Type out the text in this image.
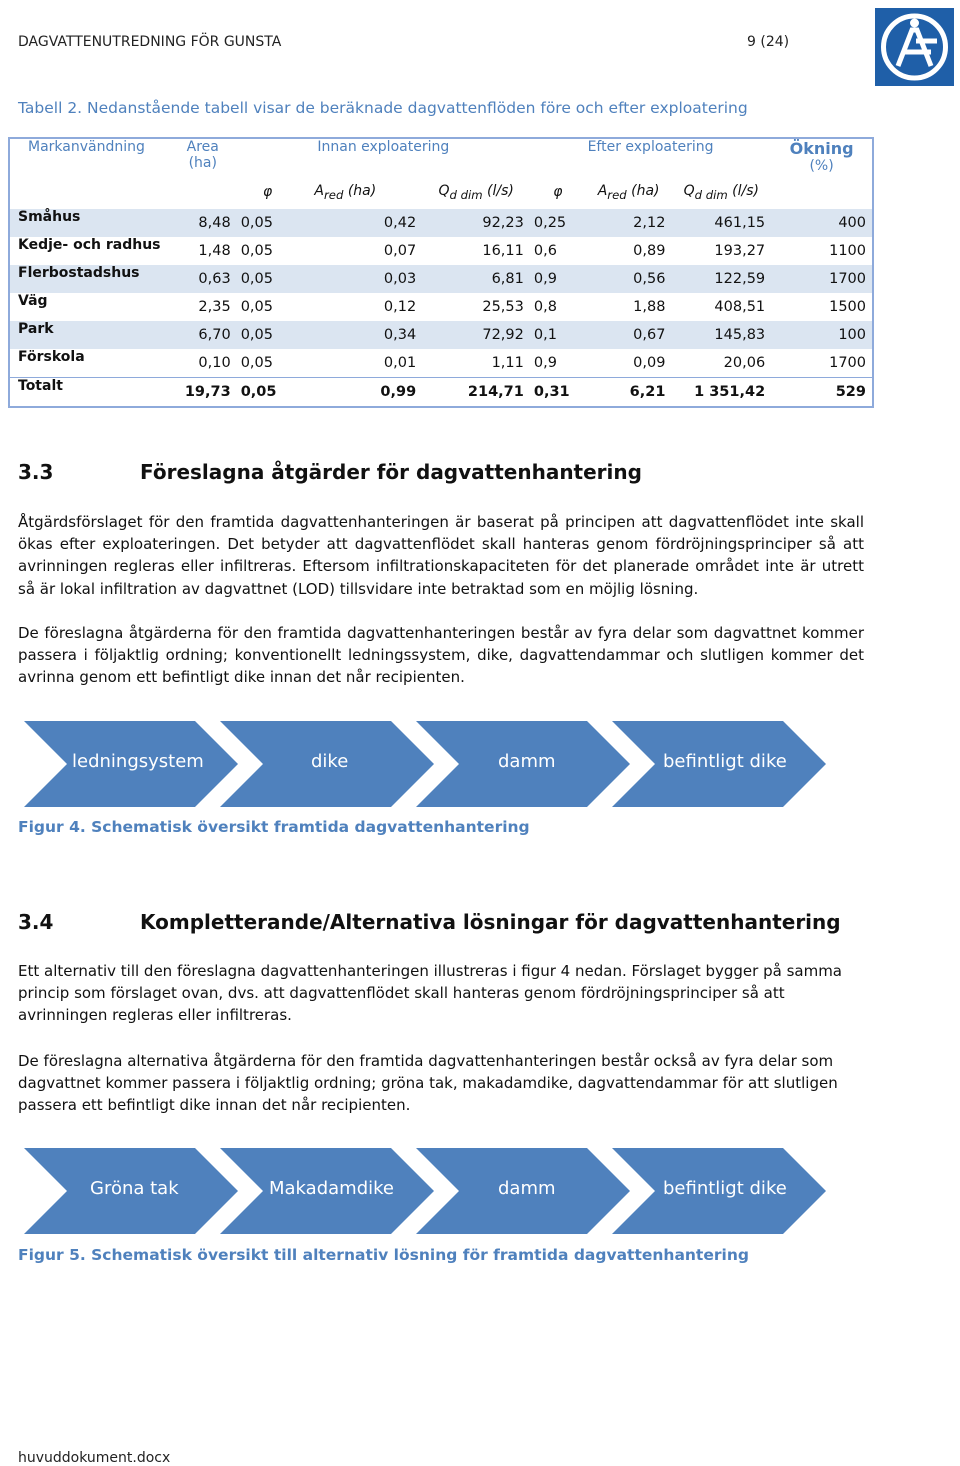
DAGVATTENUTREDNING FÖR GUNSTA	9 (24)
Tabell 2. Nedanstående tabell visar de beräknade dagvattenflöden före och efter exploatering
Markanvändning	Area
(ha)	Innan exploatering			Efter exploatering			Ökning
(%)

		φ	$A_{red}$ (ha)	$Q_{d dim}$ (l/s)	φ	$A_{red}$ (ha)	$Q_{d dim}$ (l/s)	
Småhus	8,48	0,05	0,42	92,23	0,25	2,12	461,15	400
Kedje- och radhus	1,48	0,05	0,07	16,11	0,6	0,89	193,27	1100
Flerbostadshus	0,63	0,05	0,03	6,81	0,9	0,56	122,59	1700
Väg	2,35	0,05	0,12	25,53	0,8	1,88	408,51	1500
Park	6,70	0,05	0,34	72,92	0,1	0,67	145,83	100
Förskola	0,10	0,05	0,01	1,11	0,9	0,09	20,06	1700
Totalt	19,73	0,05	0,99	214,71	0,31	6,21	1 351,42	529
3.3	Föreslagna åtgärder för dagvattenhantering
Åtgärdsförslaget för den framtida dagvattenhanteringen är baserat på principen att dagvattenflödet inte skall ökas efter exploateringen. Det betyder att dagvattenflödet skall hanteras genom fördröjningsprinciper så att avrinningen regleras eller infiltreras. Eftersom infiltrationskapaciteten för det planerade området inte är utrett så är lokal infiltration av dagvattnet (LOD) tillsvidare inte betraktad som en möjlig lösning.
De föreslagna åtgärderna för den framtida dagvattenhanteringen består av fyra delar som dagvattnet kommer passera i följaktlig ordning; konventionellt ledningssystem, dike, dagvattendammar och slutligen kommer det avrinna genom ett befintligt dike innan det når recipienten.
ledningsystem	dike	damm	befintligt dike
Figur 4. Schematisk översikt framtida dagvattenhantering
3.4	Kompletterande/Alternativa lösningar för dagvattenhantering
Ett alternativ till den föreslagna dagvattenhanteringen illustreras i figur 4 nedan. Förslaget bygger på samma princip som förslaget ovan, dvs. att dagvattenflödet skall hanteras genom fördröjningsprinciper så att avrinningen regleras eller infiltreras.
De föreslagna alternativa åtgärderna för den framtida dagvattenhanteringen består också av fyra delar som dagvattnet kommer passera i följaktlig ordning; gröna tak, makadamdike, dagvattendammar för att slutligen passera ett befintligt dike innan det når recipienten.
Gröna tak	Makadamdike	damm	befintligt dike
Figur 5. Schematisk översikt till alternativ lösning för framtida dagvattenhantering
huvuddokument.docx
